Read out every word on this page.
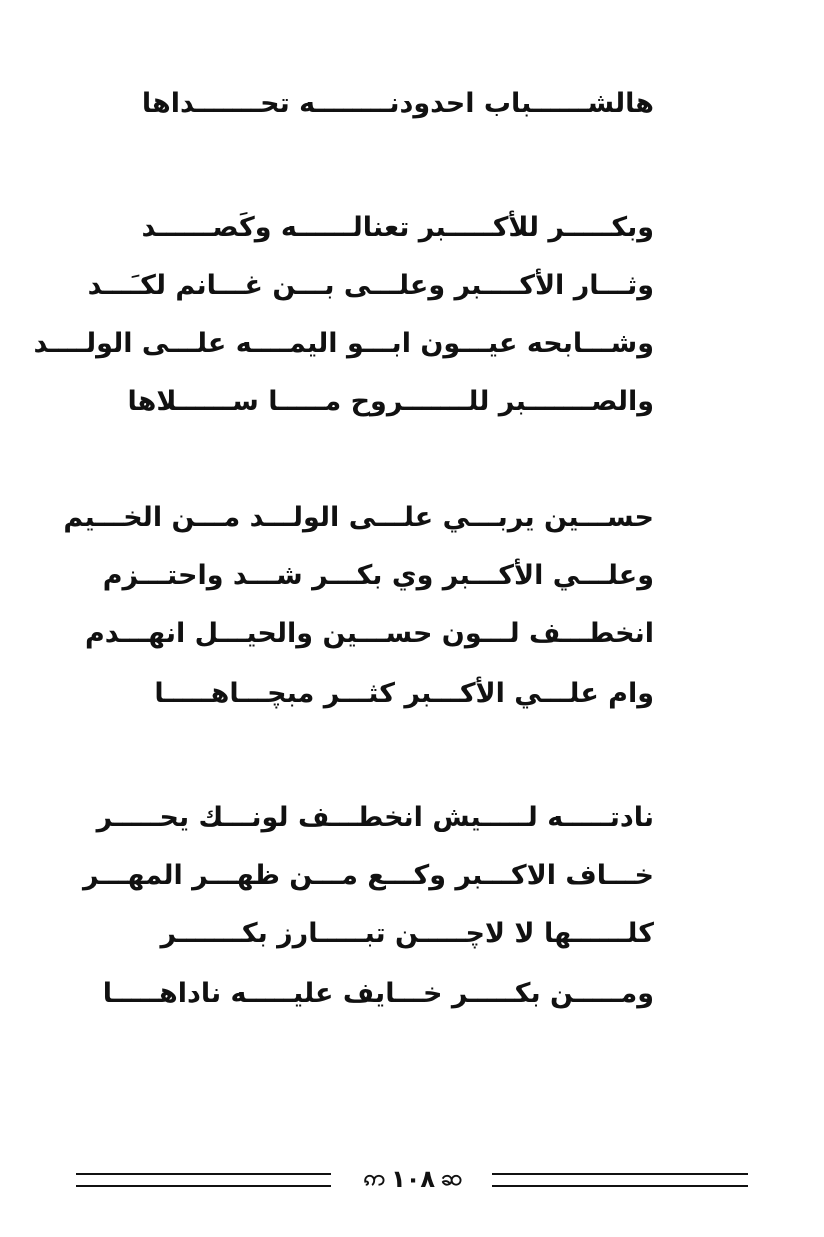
هالشــــــباب احدودنــــــــه تحـــــــداها
وبكـــــر للأكـــــبر تعنالــــــه وكَصــــــد
وثـــار الأكــــبر وعلـــى بـــن غـــانم لكـَـــد
وشـــابحه عيـــون ابـــو اليمــــه علـــى الولــــد
والصـــــــبر للـــــــروح مـــــا ســــــلاها
حســـين يربـــي علـــى الولـــد مـــن الخـــيم
وعلـــي الأكـــبر وي بكـــر شـــد واحتـــزم
انخطـــف لـــون حســـين والحيـــل انهـــدم
وام علـــي الأكـــبر كثـــر مبچـــاهـــــا
نادتـــــه لـــــيش انخطـــف لونـــك يحـــــر
خـــاف الاكـــبر وكـــع مـــن ظهـــر المهـــر
كلــــــها لا لاچـــــن تبـــــارز بكـــــــر
ومـــــن بكـــــر خـــايف عليـــــه ناداهـــــا
ဢ ١٠٨ ဆ
